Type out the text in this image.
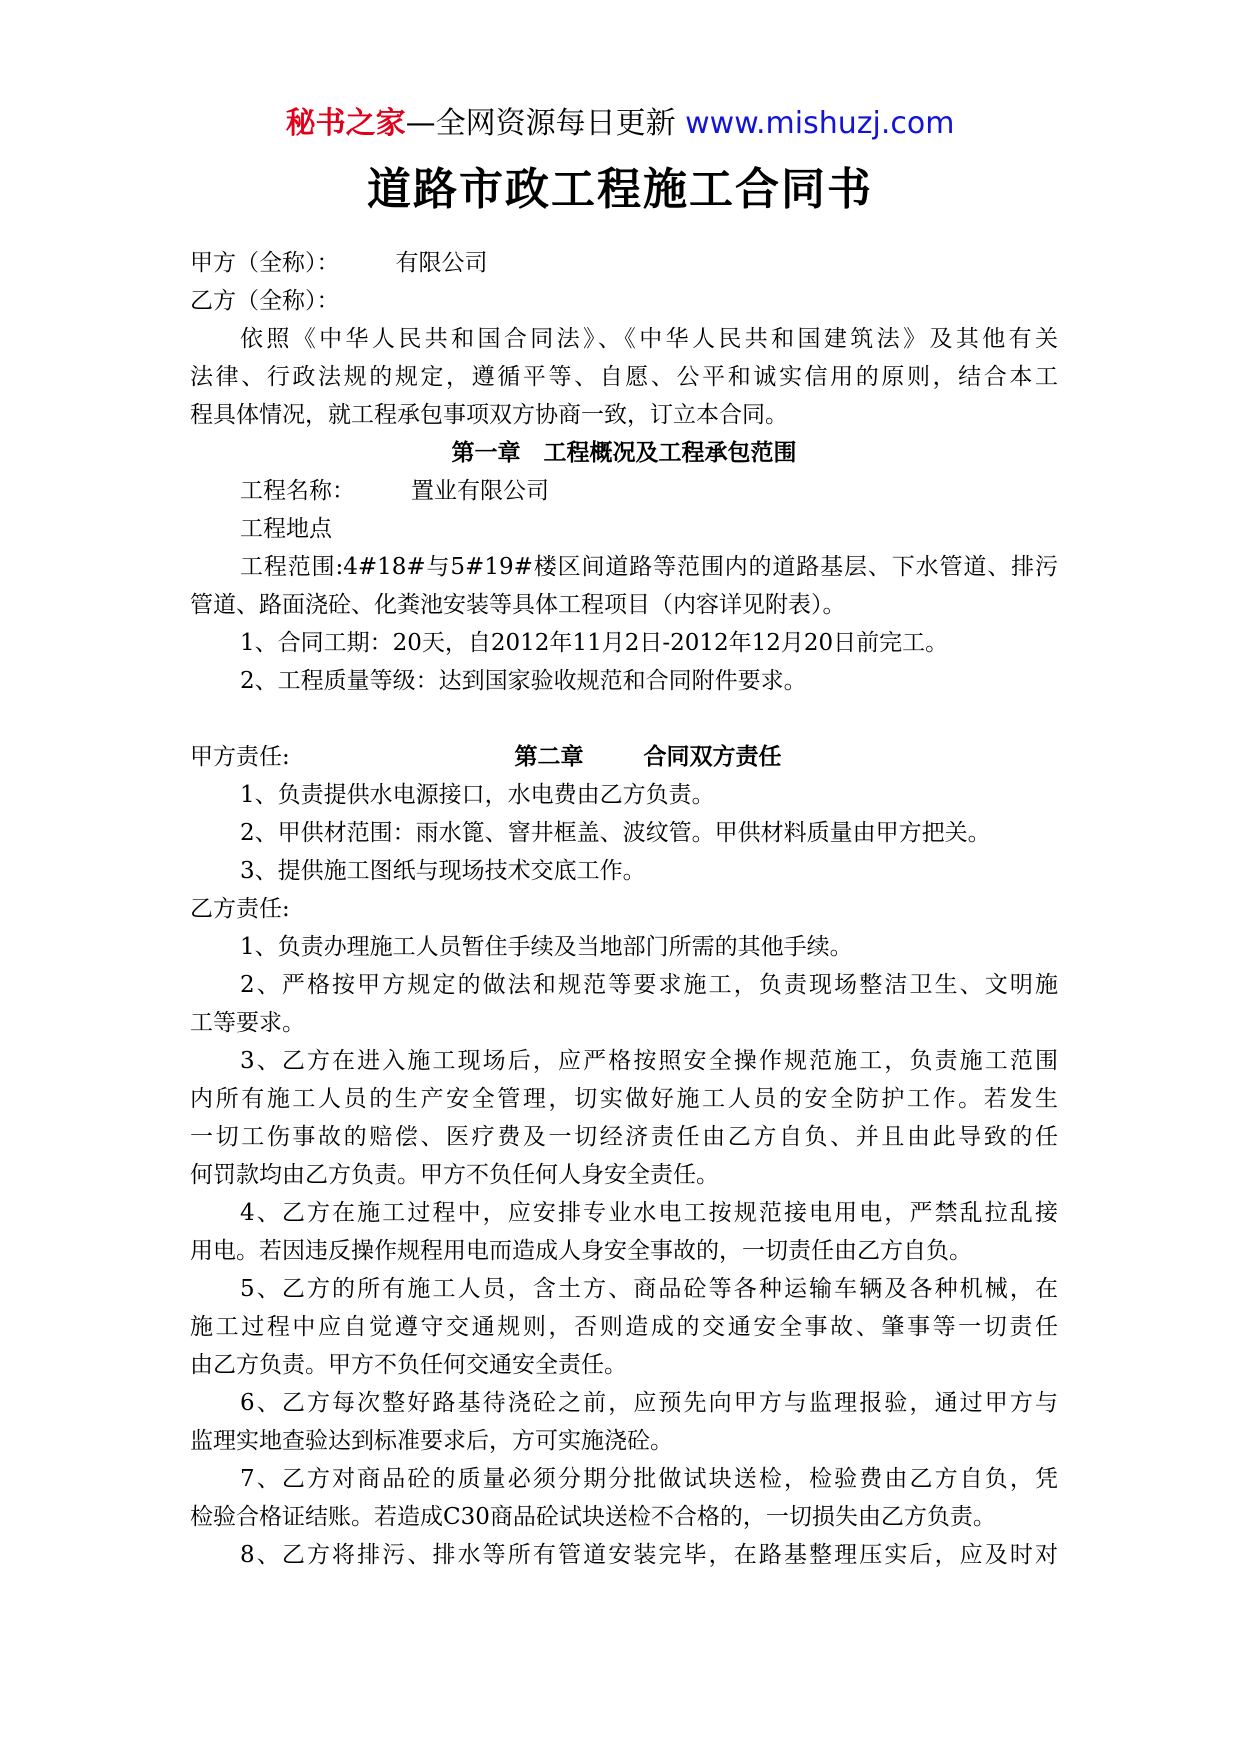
秘书之家—全网资源每日更新 www.mishuzj.com
道路市政工程施工合同书
甲方（全称）： 有限公司
乙方（全称）：
依照《中华人民共和国合同法》、《中华人民共和国建筑法》及其他有关
法律、行政法规的规定，遵循平等、自愿、公平和诚实信用的原则，结合本工
程具体情况，就工程承包事项双方协商一致，订立本合同。
第一章　工程概况及工程承包范围
工程名称： 置业有限公司
工程地点
工程范围:4#18#与5#19#楼区间道路等范围内的道路基层、下水管道、排污
管道、路面浇砼、化粪池安装等具体工程项目（内容详见附表）。
1、合同工期：20天，自2012年11月2日-2012年12月20日前完工。
2、工程质量等级：达到国家验收规范和合同附件要求。

第二章	合同双方责任

甲方责任:
1、负责提供水电源接口，水电费由乙方负责。
2、甲供材范围：雨水篦、窨井框盖、波纹管。甲供材料质量由甲方把关。
3、提供施工图纸与现场技术交底工作。
乙方责任:
1、负责办理施工人员暂住手续及当地部门所需的其他手续。
2、严格按甲方规定的做法和规范等要求施工，负责现场整洁卫生、文明施
工等要求。
3、乙方在进入施工现场后，应严格按照安全操作规范施工，负责施工范围
内所有施工人员的生产安全管理，切实做好施工人员的安全防护工作。若发生
一切工伤事故的赔偿、医疗费及一切经济责任由乙方自负、并且由此导致的任
何罚款均由乙方负责。甲方不负任何人身安全责任。
4、乙方在施工过程中，应安排专业水电工按规范接电用电，严禁乱拉乱接
用电。若因违反操作规程用电而造成人身安全事故的，一切责任由乙方自负。
5、乙方的所有施工人员，含土方、商品砼等各种运输车辆及各种机械，在
施工过程中应自觉遵守交通规则，否则造成的交通安全事故、肇事等一切责任
由乙方负责。甲方不负任何交通安全责任。
6、乙方每次整好路基待浇砼之前，应预先向甲方与监理报验，通过甲方与
监理实地查验达到标准要求后，方可实施浇砼。
7、乙方对商品砼的质量必须分期分批做试块送检，检验费由乙方自负，凭
检验合格证结账。若造成C30商品砼试块送检不合格的，一切损失由乙方负责。
8、乙方将排污、排水等所有管道安装完毕，在路基整理压实后，应及时对
